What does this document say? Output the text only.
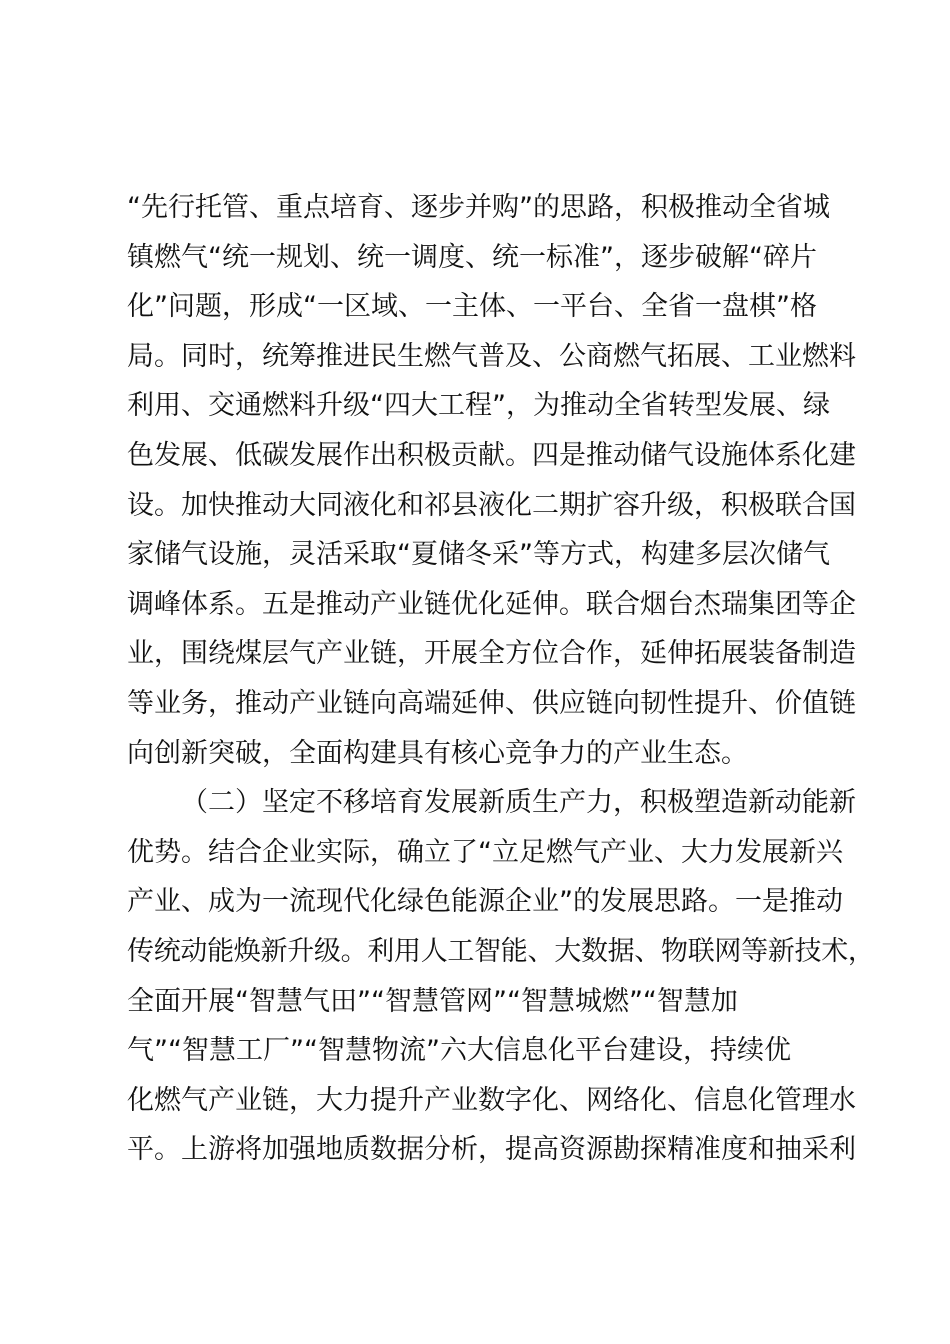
“先行托管、重点培育、逐步并购”的思路，积极推动全省城
镇燃气“统一规划、统一调度、统一标准”，逐步破解“碎片
化”问题，形成“一区域、一主体、一平台、全省一盘棋”格
局。同时，统筹推进民生燃气普及、公商燃气拓展、工业燃料
利用、交通燃料升级“四大工程”，为推动全省转型发展、绿
色发展、低碳发展作出积极贡献。四是推动储气设施体系化建
设。加快推动大同液化和祁县液化二期扩容升级，积极联合国
家储气设施，灵活采取“夏储冬采”等方式，构建多层次储气
调峰体系。五是推动产业链优化延伸。联合烟台杰瑞集团等企
业，围绕煤层气产业链，开展全方位合作，延伸拓展装备制造
等业务，推动产业链向高端延伸、供应链向韧性提升、价值链
向创新突破，全面构建具有核心竞争力的产业生态。
（二）坚定不移培育发展新质生产力，积极塑造新动能新
优势。结合企业实际，确立了“立足燃气产业、大力发展新兴
产业、成为一流现代化绿色能源企业”的发展思路。一是推动
传统动能焕新升级。利用人工智能、大数据、物联网等新技术，
全面开展“智慧气田”“智慧管网”“智慧城燃”“智慧加
气”“智慧工厂”“智慧物流”六大信息化平台建设，持续优
化燃气产业链，大力提升产业数字化、网络化、信息化管理水
平。上游将加强地质数据分析，提高资源勘探精准度和抽采利
